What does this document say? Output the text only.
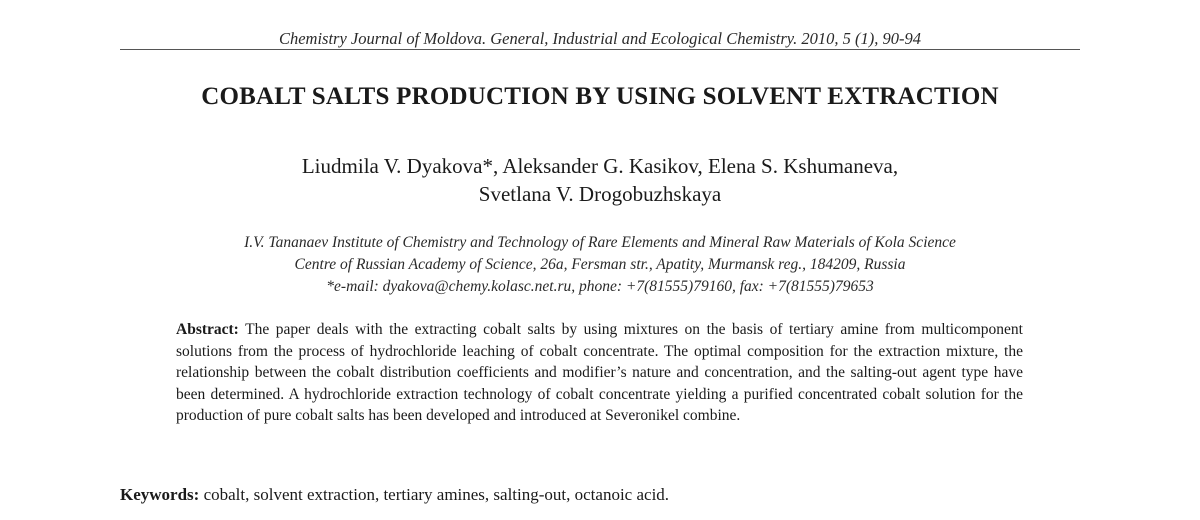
Chemistry Journal of Moldova. General, Industrial and Ecological Chemistry. 2010, 5 (1), 90-94
COBALT SALTS PRODUCTION BY USING SOLVENT EXTRACTION
Liudmila V. Dyakova*, Aleksander G. Kasikov, Elena S. Kshumaneva,
Svetlana V. Drogobuzhskaya
I.V. Tananaev Institute of Chemistry and Technology of Rare Elements and Mineral Raw Materials of Kola Science
Centre of Russian Academy of Science, 26a, Fersman str., Apatity, Murmansk reg., 184209, Russia
*e-mail: dyakova@chemy.kolasc.net.ru, phone: +7(81555)79160, fax: +7(81555)79653
Abstract: The paper deals with the extracting cobalt salts by using mixtures on the basis of tertiary amine from multicomponent solutions from the process of hydrochloride leaching of cobalt concentrate. The optimal composition for the extraction mixture, the relationship between the cobalt distribution coefficients and modifier’s nature and concentration, and the salting-out agent type have been determined. A hydrochloride extraction technology of cobalt concentrate yielding a purified concentrated cobalt solution for the production of pure cobalt salts has been developed and introduced at Severonikel combine.
Keywords: cobalt, solvent extraction, tertiary amines, salting-out, octanoic acid.
